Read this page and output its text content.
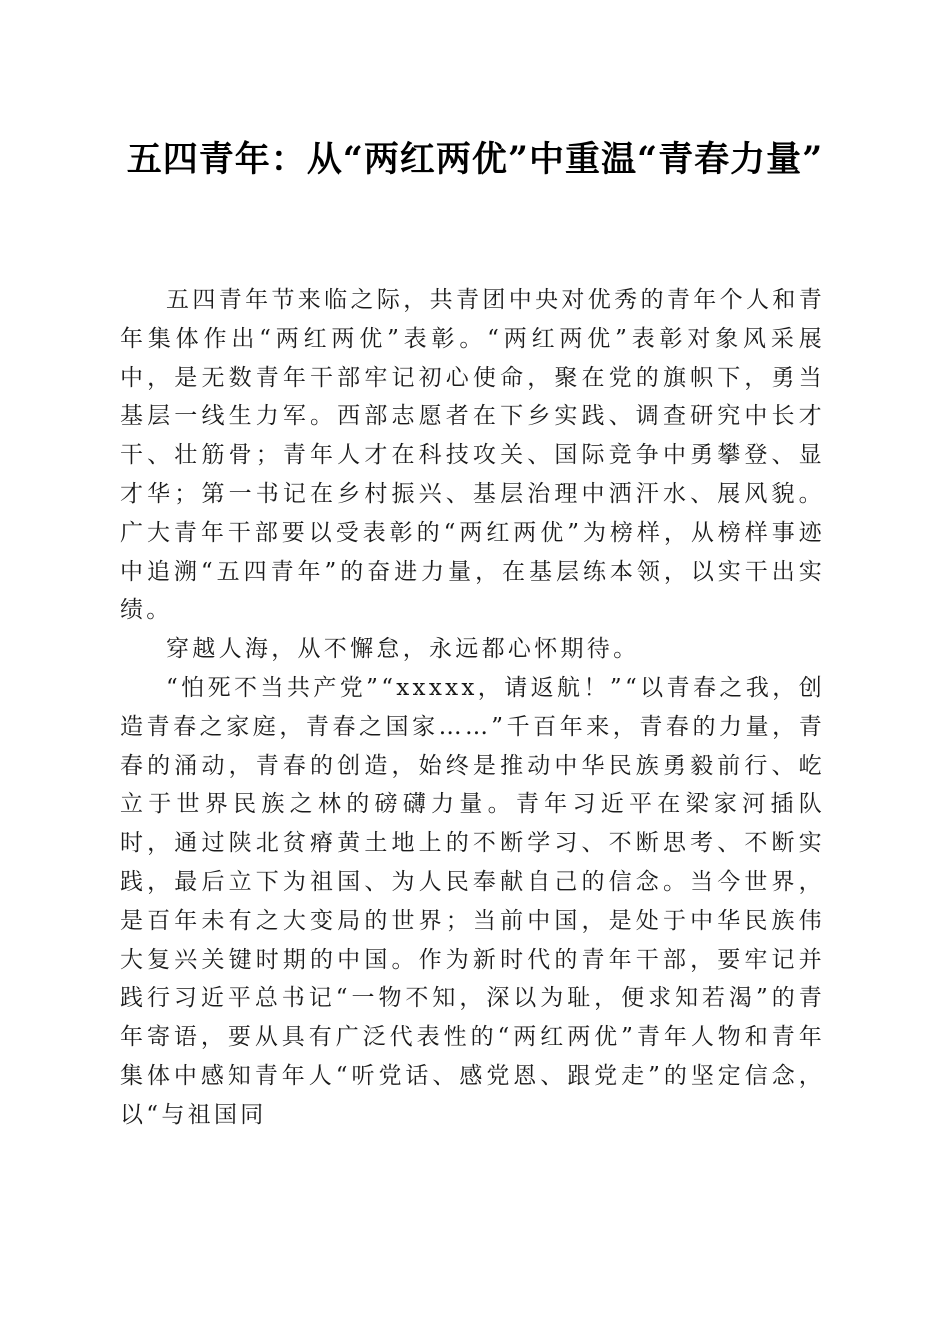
五四青年：从“两红两优”中重温“青春力量”

五四青年节来临之际，共青团中央对优秀的青年个人和青年集体作出“两红两优”表彰。“两红两优”表彰对象风采展中，是无数青年干部牢记初心使命，聚在党的旗帜下，勇当基层一线生力军。西部志愿者在下乡实践、调查研究中长才干、壮筋骨；青年人才在科技攻关、国际竞争中勇攀登、显才华；第一书记在乡村振兴、基层治理中洒汗水、展风貌。广大青年干部要以受表彰的“两红两优”为榜样，从榜样事迹中追溯“五四青年”的奋进力量，在基层练本领，以实干出实绩。

穿越人海，从不懈怠，永远都心怀期待。

“怕死不当共产党”“xxxxx，请返航！”“以青春之我，创造青春之家庭，青春之国家……”千百年来，青春的力量，青春的涌动，青春的创造，始终是推动中华民族勇毅前行、屹立于世界民族之林的磅礴力量。青年习近平在梁家河插队时，通过陕北贫瘠黄土地上的不断学习、不断思考、不断实践，最后立下为祖国、为人民奉献自己的信念。当今世界，是百年未有之大变局的世界；当前中国，是处于中华民族伟大复兴关键时期的中国。作为新时代的青年干部，要牢记并践行习近平总书记“一物不知，深以为耻，便求知若渴”的青年寄语，要从具有广泛代表性的“两红两优”青年人物和青年集体中感知青年人“听党话、感党恩、跟党走”的坚定信念，以“与祖国同
